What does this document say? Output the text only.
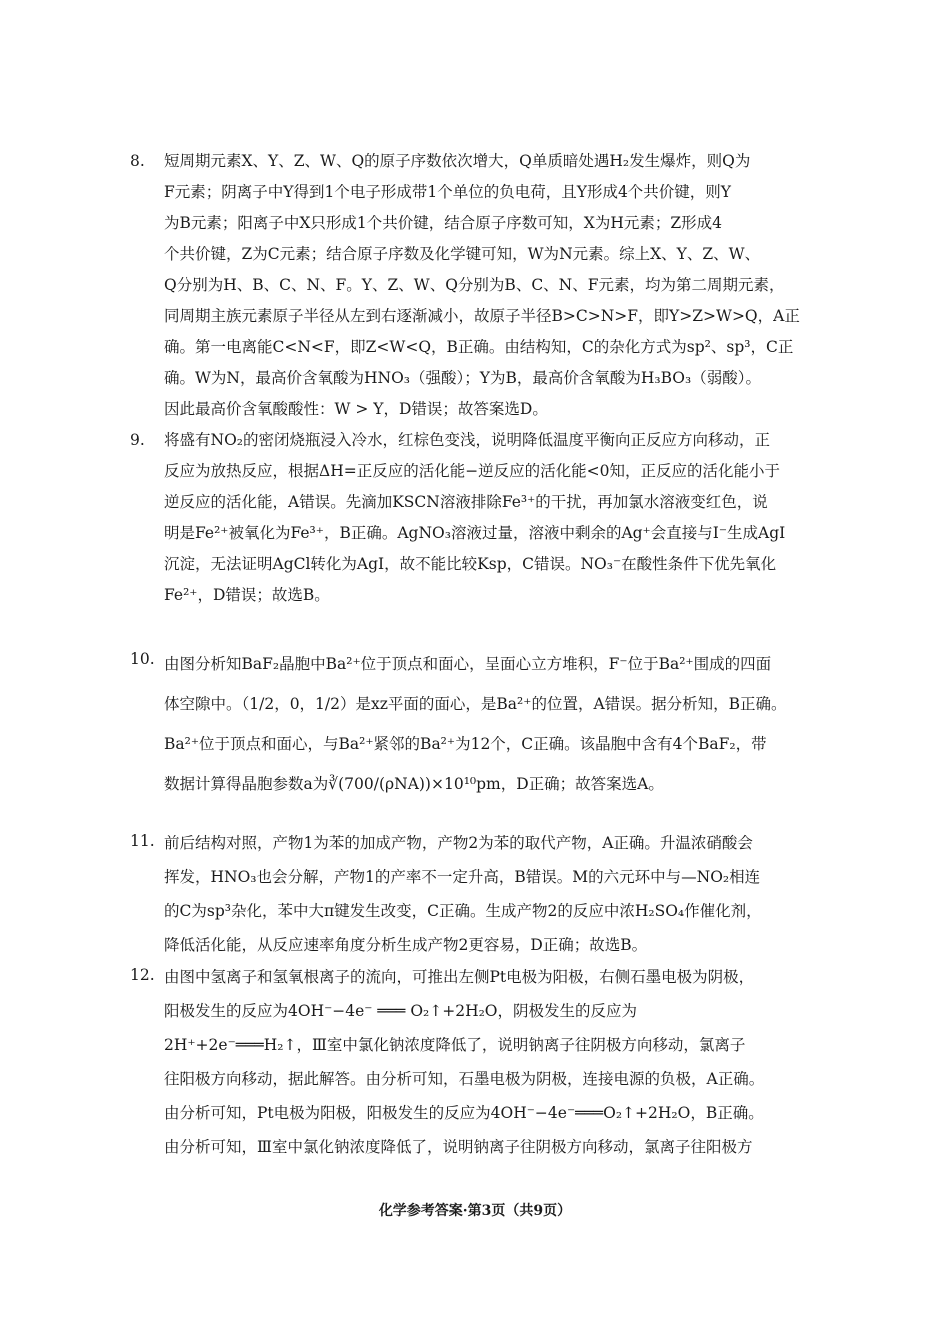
8.	短周期元素X、Y、Z、W、Q的原子序数依次增大，Q单质暗处遇H₂发生爆炸，则Q为
F元素；阴离子中Y得到1个电子形成带1个单位的负电荷，且Y形成4个共价键，则Y
为B元素；阳离子中X只形成1个共价键，结合原子序数可知，X为H元素；Z形成4
个共价键，Z为C元素；结合原子序数及化学键可知，W为N元素。综上X、Y、Z、W、
Q分别为H、B、C、N、F。Y、Z、W、Q分别为B、C、N、F元素，均为第二周期元素，
同周期主族元素原子半径从左到右逐渐减小，故原子半径B>C>N>F，即Y>Z>W>Q，A正
确。第一电离能C<N<F，即Z<W<Q，B正确。由结构知，C的杂化方式为sp²、sp³，C正
确。W为N，最高价含氧酸为HNO₃（强酸）；Y为B，最高价含氧酸为H₃BO₃（弱酸）。
因此最高价含氧酸酸性：W > Y，D错误；故答案选D。
9.	将盛有NO₂的密闭烧瓶浸入冷水，红棕色变浅，说明降低温度平衡向正反应方向移动，正
反应为放热反应，根据ΔH=正反应的活化能−逆反应的活化能<0知，正反应的活化能小于
逆反应的活化能，A错误。先滴加KSCN溶液排除Fe³⁺的干扰，再加氯水溶液变红色，说
明是Fe²⁺被氧化为Fe³⁺，B正确。AgNO₃溶液过量，溶液中剩余的Ag⁺会直接与I⁻生成AgI
沉淀，无法证明AgCl转化为AgI，故不能比较Ksp，C错误。NO₃⁻在酸性条件下优先氧化
Fe²⁺，D错误；故选B。
10. 由图分析知BaF₂晶胞中Ba²⁺位于顶点和面心，呈面心立方堆积，F⁻位于Ba²⁺围成的四面
体空隙中。（1/2，0，1/2）是xz平面的面心，是Ba²⁺的位置，A错误。据分析知，B正确。
Ba²⁺位于顶点和面心，与Ba²⁺紧邻的Ba²⁺为12个，C正确。该晶胞中含有4个BaF₂，带
数据计算得晶胞参数a为∛(700/(ρNA))×10¹⁰pm，D正确；故答案选A。
11. 前后结构对照，产物1为苯的加成产物，产物2为苯的取代产物，A正确。升温浓硝酸会
挥发，HNO₃也会分解，产物1的产率不一定升高，B错误。M的六元环中与—NO₂相连
的C为sp³杂化，苯中大π键发生改变，C正确。生成产物2的反应中浓H₂SO₄作催化剂，
降低活化能，从反应速率角度分析生成产物2更容易，D正确；故选B。
12. 由图中氢离子和氢氧根离子的流向，可推出左侧Pt电极为阳极，右侧石墨电极为阴极，
阳极发生的反应为4OH⁻−4e⁻ ═══ O₂↑+2H₂O，阴极发生的反应为
2H⁺+2e⁻═══H₂↑，Ⅲ室中氯化钠浓度降低了，说明钠离子往阴极方向移动，氯离子
往阳极方向移动，据此解答。由分析可知，石墨电极为阴极，连接电源的负极，A正确。
由分析可知，Pt电极为阳极，阳极发生的反应为4OH⁻−4e⁻═══O₂↑+2H₂O，B正确。
由分析可知，Ⅲ室中氯化钠浓度降低了，说明钠离子往阴极方向移动，氯离子往阳极方
化学参考答案·第3页（共9页）
